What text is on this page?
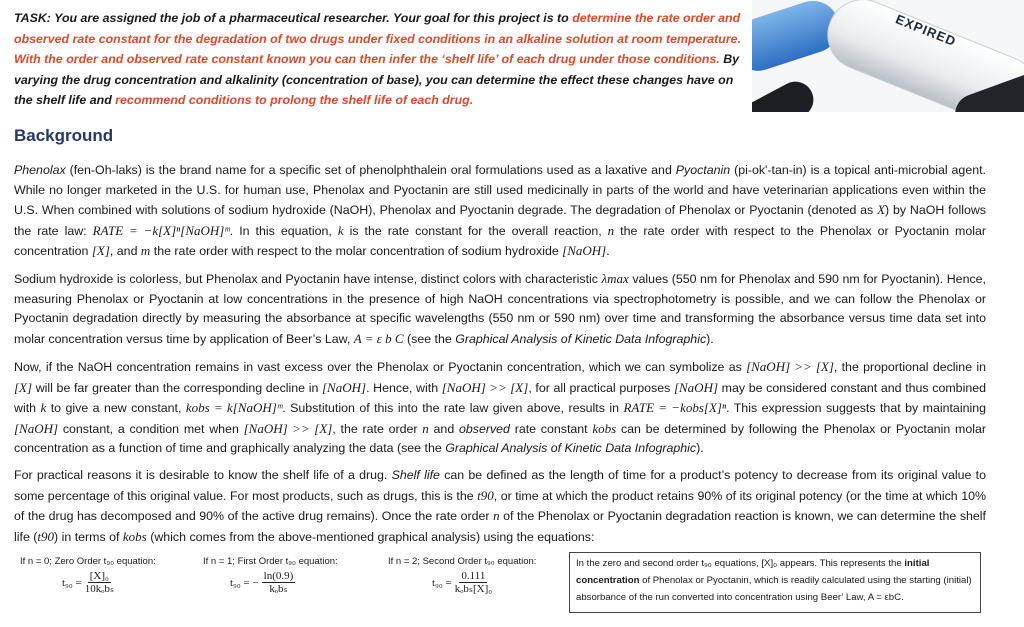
TASK: You are assigned the job of a pharmaceutical researcher. Your goal for this project is to determine the rate order and observed rate constant for the degradation of two drugs under fixed conditions in an alkaline solution at room temperature. With the order and observed rate constant known you can then infer the ‘shelf life’ of each drug under those conditions. By varying the drug concentration and alkalinity (concentration of base), you can determine the effect these changes have on the shelf life and recommend conditions to prolong the shelf life of each drug.
EXPIRED
Background

Phenolax (fen-Oh-laks) is the brand name for a specific set of phenolphthalein oral formulations used as a laxative and Pyoctanin (pi-ok'-tan-in) is a topical anti-microbial agent. While no longer marketed in the U.S. for human use, Phenolax and Pyoctanin are still used medicinally in parts of the world and have veterinarian applications even within the U.S. When combined with solutions of sodium hydroxide (NaOH), Phenolax and Pyoctanin degrade. The degradation of Phenolax or Pyoctanin (denoted as X) by NaOH follows the rate law: RATE = −k[X]ⁿ[NaOH]ᵐ. In this equation, k is the rate constant for the overall reaction, n the rate order with respect to the Phenolax or Pyoctanin molar concentration [X], and m the rate order with respect to the molar concentration of sodium hydroxide [NaOH].

Sodium hydroxide is colorless, but Phenolax and Pyoctanin have intense, distinct colors with characteristic λmax values (550 nm for Phenolax and 590 nm for Pyoctanin). Hence, measuring Phenolax or Pyoctanin at low concentrations in the presence of high NaOH concentrations via spectrophotometry is possible, and we can follow the Phenolax or Pyoctanin degradation directly by measuring the absorbance at specific wavelengths (550 nm or 590 nm) over time and transforming the absorbance versus time data set into molar concentration versus time by application of Beer’s Law, A = ε b C (see the Graphical Analysis of Kinetic Data Infographic).

Now, if the NaOH concentration remains in vast excess over the Phenolax or Pyoctanin concentration, which we can symbolize as [NaOH] >> [X], the proportional decline in [X] will be far greater than the corresponding decline in [NaOH]. Hence, with [NaOH] >> [X], for all practical purposes [NaOH] may be considered constant and thus combined with k to give a new constant, kobs = k[NaOH]ᵐ. Substitution of this into the rate law given above, results in RATE = −kobs[X]ⁿ. This expression suggests that by maintaining [NaOH] constant, a condition met when [NaOH] >> [X], the rate order n and observed rate constant kobs can be determined by following the Phenolax or Pyoctanin molar concentration as a function of time and graphically analyzing the data (see the Graphical Analysis of Kinetic Data Infographic).

For practical reasons it is desirable to know the shelf life of a drug. Shelf life can be defined as the length of time for a product’s potency to decrease from its original value to some percentage of this original value. For most products, such as drugs, this is the t90, or time at which the product retains 90% of its original potency (or the time at which 10% of the drug has decomposed and 90% of the active drug remains). Once the rate order n of the Phenolax or Pyoctanin degradation reaction is known, we can determine the shelf life (t90) in terms of kobs (which comes from the above-mentioned graphical analysis) using the equations:

If n = 0; Zero Order t₉₀ equation:
$t_{90} = \frac{\text{[X]₀}}{\text{10kₒbₛ}}$
If n = 1; First Order t₉₀ equation:
t₉₀ = − $\frac{\ln(0.9)}{\text{kₒbₛ}}$
If n = 2; Second Order t₉₀ equation:
$t_{90} = \frac{0.111}{\text{kₒbₛ[X]₀}}$
In the zero and second order t₉₀ equations, [X]₀ appears. This represents the initial concentration of Phenolax or Pyoctanin, which is readily calculated using the starting (initial) absorbance of the run converted into concentration using Beer’ Law, A = εbC.
